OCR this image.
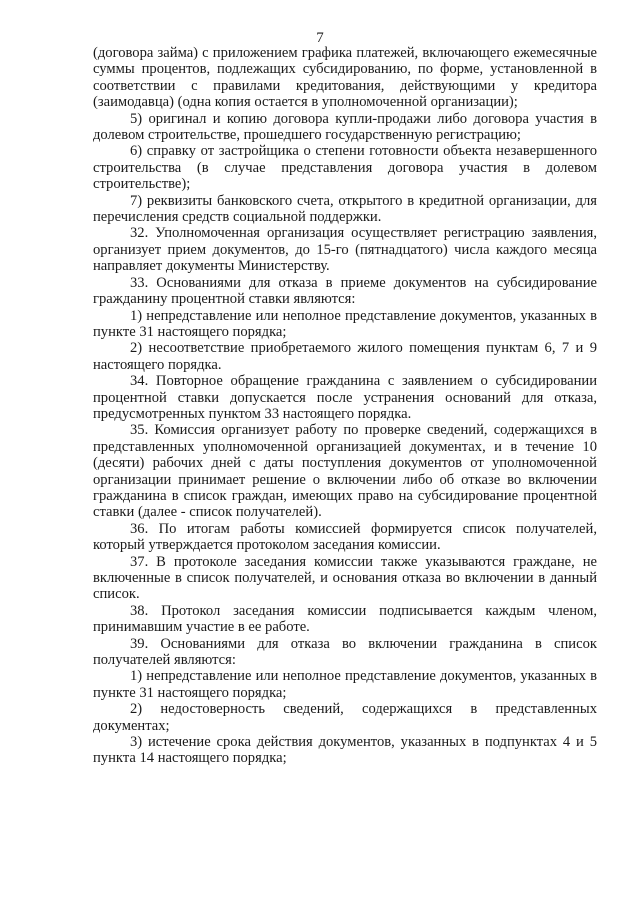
7

(договора займа) с приложением графика платежей, включающего ежемесячные суммы процентов, подлежащих субсидированию, по форме, установленной в соответствии с правилами кредитования, действующими у кредитора (заимодавца) (одна копия остается в уполномоченной организации);

5) оригинал и копию договора купли-продажи либо договора участия в долевом строительстве, прошедшего государственную регистрацию;

6) справку от застройщика о степени готовности объекта незавершенного строительства (в случае представления договора участия в долевом строительстве);

7) реквизиты банковского счета, открытого в кредитной организации, для перечисления средств социальной поддержки.

32. Уполномоченная организация осуществляет регистрацию заявления, организует прием документов, до 15-го (пятнадцатого) числа каждого месяца направляет документы Министерству.

33. Основаниями для отказа в приеме документов на субсидирование гражданину процентной ставки являются:

1) непредставление или неполное представление документов, указанных в пункте 31 настоящего порядка;

2) несоответствие приобретаемого жилого помещения пунктам 6, 7 и 9 настоящего порядка.

34. Повторное обращение гражданина с заявлением о субсидировании процентной ставки допускается после устранения оснований для отказа, предусмотренных пунктом 33 настоящего порядка.

35. Комиссия организует работу по проверке сведений, содержащихся в представленных уполномоченной организацией документах, и в течение 10 (десяти) рабочих дней с даты поступления документов от уполномоченной организации принимает решение о включении либо об отказе во включении гражданина в список граждан, имеющих право на субсидирование процентной ставки (далее - список получателей).

36. По итогам работы комиссией формируется список получателей, который утверждается протоколом заседания комиссии.

37. В протоколе заседания комиссии также указываются граждане, не включенные в список получателей, и основания отказа во включении в данный список.

38. Протокол заседания комиссии подписывается каждым членом, принимавшим участие в ее работе.

39. Основаниями для отказа во включении гражданина в список получателей являются:

1) непредставление или неполное представление документов, указанных в пункте 31 настоящего порядка;

2) недостоверность сведений, содержащихся в представленных документах;

3) истечение срока действия документов, указанных в подпунктах 4 и 5 пункта 14 настоящего порядка;
